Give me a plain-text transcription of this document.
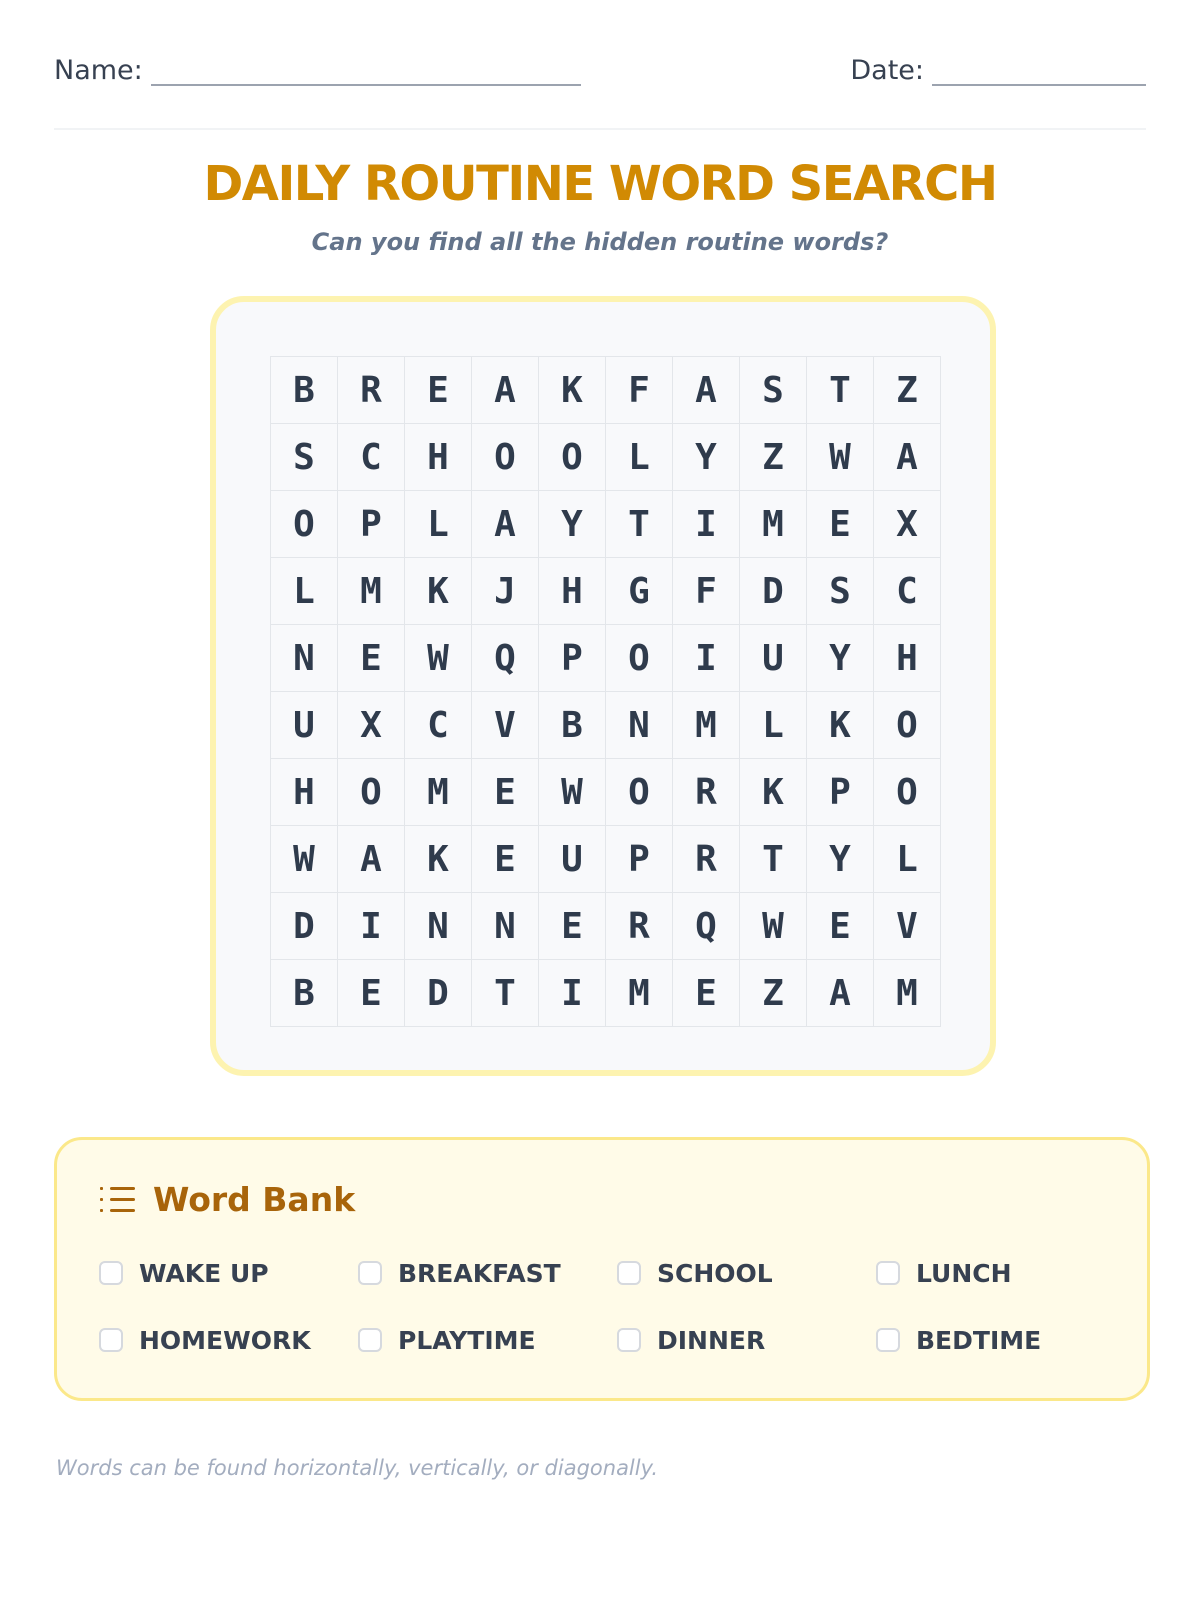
Name:	Date:
DAILY ROUTINE WORD SEARCH
Can you find all the hidden routine words?
B	R	E	A	K	F	A	S	T	Z
S	C	H	O	O	L	Y	Z	W	A
O	P	L	A	Y	T	I	M	E	X
L	M	K	J	H	G	F	D	S	C
N	E	W	Q	P	O	I	U	Y	H
U	X	C	V	B	N	M	L	K	O
H	O	M	E	W	O	R	K	P	O
W	A	K	E	U	P	R	T	Y	L
D	I	N	N	E	R	Q	W	E	V
B	E	D	T	I	M	E	Z	A	M
Word Bank
WAKE UP	BREAKFAST	SCHOOL	LUNCH
HOMEWORK	PLAYTIME	DINNER	BEDTIME
Words can be found horizontally, vertically, or diagonally.
